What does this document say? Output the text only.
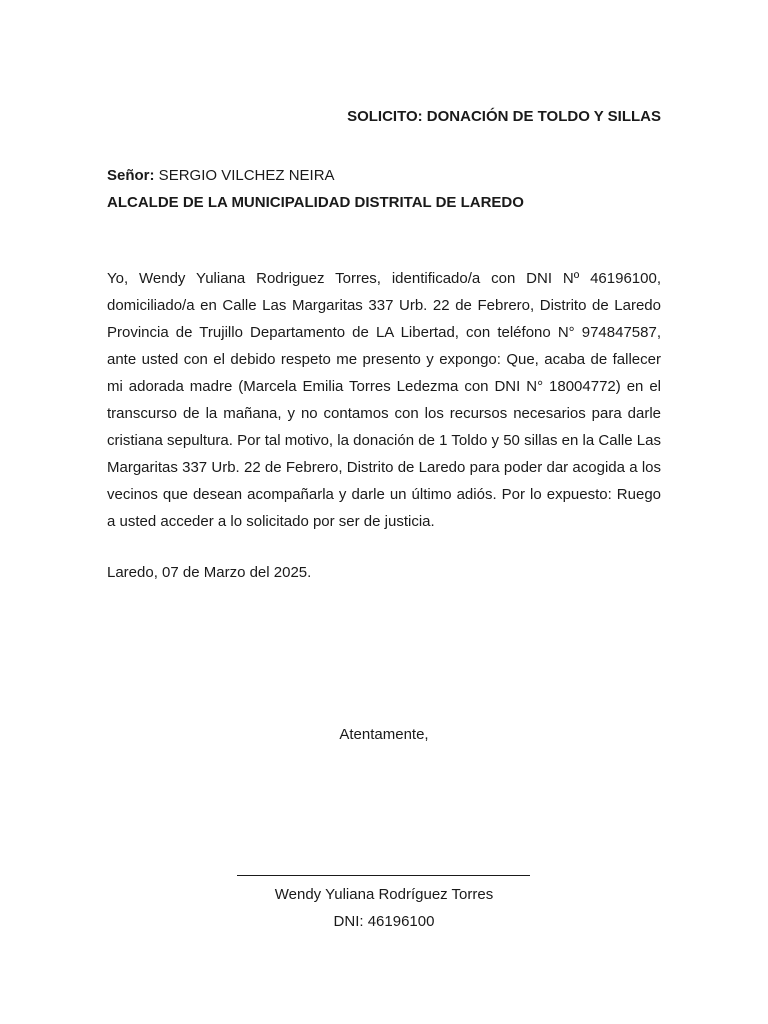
SOLICITO: DONACIÓN DE TOLDO Y SILLAS
Señor: SERGIO VILCHEZ NEIRA
ALCALDE DE LA MUNICIPALIDAD DISTRITAL DE LAREDO
Yo, Wendy Yuliana Rodriguez Torres, identificado/a con DNI Nº 46196100, domiciliado/a en Calle Las Margaritas 337 Urb. 22 de Febrero, Distrito de Laredo Provincia de Trujillo Departamento de LA Libertad, con teléfono N° 974847587, ante usted con el debido respeto me presento y expongo: Que, acaba de fallecer mi adorada madre (Marcela Emilia Torres Ledezma con DNI N° 18004772) en el transcurso de la mañana, y no contamos con los recursos necesarios para darle cristiana sepultura. Por tal motivo, la donación de 1 Toldo y 50 sillas en la Calle Las Margaritas 337 Urb. 22 de Febrero, Distrito de Laredo para poder dar acogida a los vecinos que desean acompañarla y darle un último adiós. Por lo expuesto: Ruego a usted acceder a lo solicitado por ser de justicia.
Laredo, 07 de Marzo del 2025.
Atentamente,
Wendy Yuliana Rodríguez Torres
DNI: 46196100
